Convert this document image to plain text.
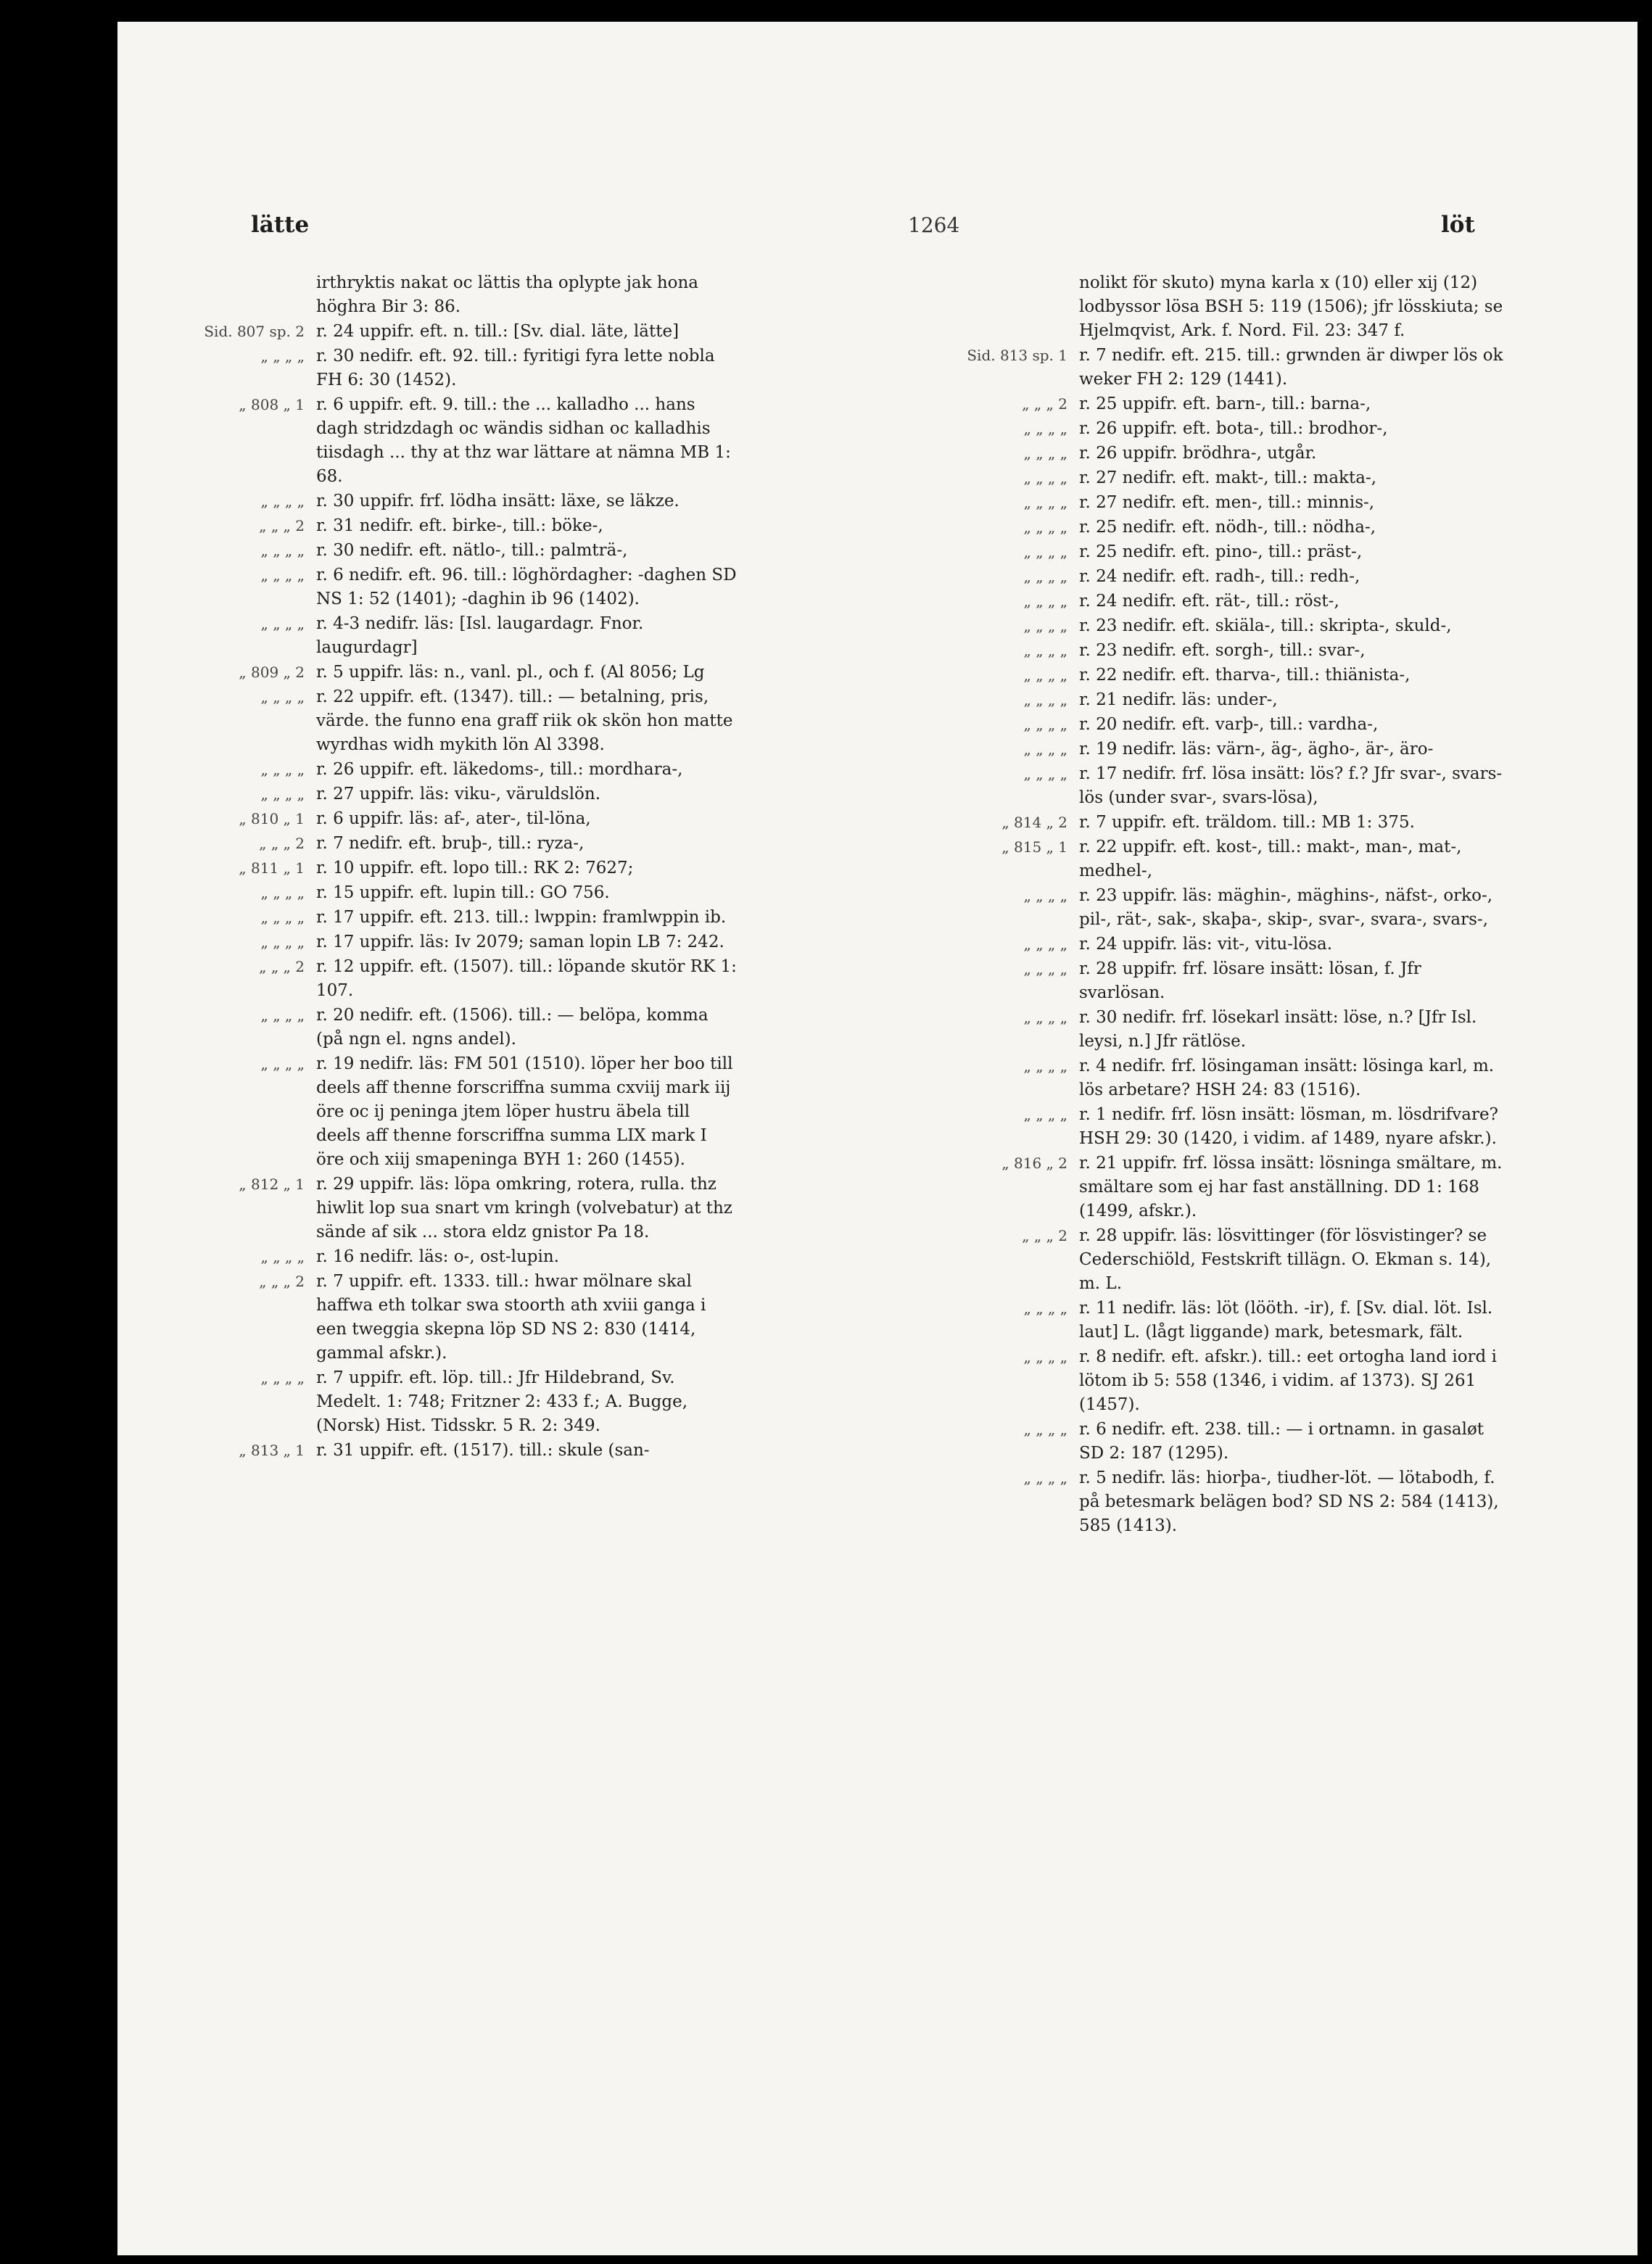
lätte	1264	löt
irthryktis nakat oc lättis tha oplypte jak hona höghra Bir 3: 86.
Sid. 807 sp. 2 r. 24 uppifr. eft. n. till.: [Sv. dial. läte, lätte]
„ „ „ „ r. 30 nedifr. eft. 92. till.: fyritigi fyra lette nobla FH 6: 30 (1452).
„ 808 „ 1 r. 6 uppifr. eft. 9. till.: the ... kalladho ... hans dagh stridzdagh oc wändis sidhan oc kalladhis tiisdagh ... thy at thz war lättare at nämna MB 1: 68.
„ „ „ „ r. 30 uppifr. frf. lödha insätt: läxe, se läkze.
„ „ „ 2 r. 31 nedifr. eft. birke-, till.: böke-,
„ „ „ „ r. 30 nedifr. eft. nätlo-, till.: palmträ-,
„ „ „ „ r. 6 nedifr. eft. 96. till.: löghördagher: -daghen SD NS 1: 52 (1401); -daghin ib 96 (1402).
„ „ „ „ r. 4-3 nedifr. läs: [Isl. laugardagr. Fnor. laugurdagr]
„ 809 „ 2 r. 5 uppifr. läs: n., vanl. pl., och f. (Al 8056; Lg
„ „ „ „ r. 22 uppifr. eft. (1347). till.: — betalning, pris, värde. the funno ena graff riik ok skön hon matte wyrdhas widh mykith lön Al 3398.
„ „ „ „ r. 26 uppifr. eft. läkedoms-, till.: mordhara-,
„ „ „ „ r. 27 uppifr. läs: viku-, väruldslön.
„ 810 „ 1 r. 6 uppifr. läs: af-, ater-, til-löna,
„ „ „ 2 r. 7 nedifr. eft. bruþ-, till.: ryza-,
„ 811 „ 1 r. 10 uppifr. eft. lopo till.: RK 2: 7627;
„ „ „ „ r. 15 uppifr. eft. lupin till.: GO 756.
„ „ „ „ r. 17 uppifr. eft. 213. till.: lwppin: framlwppin ib.
„ „ „ „ r. 17 uppifr. läs: Iv 2079; saman lopin LB 7: 242.
„ „ „ 2 r. 12 uppifr. eft. (1507). till.: löpande skutör RK 1: 107.
„ „ „ „ r. 20 nedifr. eft. (1506). till.: — belöpa, komma (på ngn el. ngns andel).
„ „ „ „ r. 19 nedifr. läs: FM 501 (1510). löper her boo till deels aff thenne forscriffna summa cxviij mark iij öre oc ij peninga jtem löper hustru äbela till deels aff thenne forscriffna summa LIX mark I öre och xiij smapeninga BYH 1: 260 (1455).
„ 812 „ 1 r. 29 uppifr. läs: löpa omkring, rotera, rulla. thz hiwlit lop sua snart vm kringh (volvebatur) at thz sände af sik ... stora eldz gnistor Pa 18.
„ „ „ „ r. 16 nedifr. läs: o-, ost-lupin.
„ „ „ 2 r. 7 uppifr. eft. 1333. till.: hwar mölnare skal haffwa eth tolkar swa stoorth ath xviii ganga i een tweggia skepna löp SD NS 2: 830 (1414, gammal afskr.).
„ „ „ „ r. 7 uppifr. eft. löp. till.: Jfr Hildebrand, Sv. Medelt. 1: 748; Fritzner 2: 433 f.; A. Bugge, (Norsk) Hist. Tidsskr. 5 R. 2: 349.
„ 813 „ 1 r. 31 uppifr. eft. (1517). till.: skule (san-
nolikt för skuto) myna karla x (10) eller xij (12) lodbyssor lösa BSH 5: 119 (1506); jfr lösskiuta; se Hjelmqvist, Ark. f. Nord. Fil. 23: 347 f.
Sid. 813 sp. 1 r. 7 nedifr. eft. 215. till.: grwnden är diwper lös ok weker FH 2: 129 (1441).
„ „ „ 2 r. 25 uppifr. eft. barn-, till.: barna-,
„ „ „ „ r. 26 uppifr. eft. bota-, till.: brodhor-,
„ „ „ „ r. 26 uppifr. brödhra-, utgår.
„ „ „ „ r. 27 nedifr. eft. makt-, till.: makta-,
„ „ „ „ r. 27 nedifr. eft. men-, till.: minnis-,
„ „ „ „ r. 25 nedifr. eft. nödh-, till.: nödha-,
„ „ „ „ r. 25 nedifr. eft. pino-, till.: präst-,
„ „ „ „ r. 24 nedifr. eft. radh-, till.: redh-,
„ „ „ „ r. 24 nedifr. eft. rät-, till.: röst-,
„ „ „ „ r. 23 nedifr. eft. skiäla-, till.: skripta-, skuld-,
„ „ „ „ r. 23 nedifr. eft. sorgh-, till.: svar-,
„ „ „ „ r. 22 nedifr. eft. tharva-, till.: thiänista-,
„ „ „ „ r. 21 nedifr. läs: under-,
„ „ „ „ r. 20 nedifr. eft. varþ-, till.: vardha-,
„ „ „ „ r. 19 nedifr. läs: värn-, äg-, ägho-, är-, äro-
„ „ „ „ r. 17 nedifr. frf. lösa insätt: lös? f.? Jfr svar-, svars-lös (under svar-, svars-lösa),
„ 814 „ 2 r. 7 uppifr. eft. träldom. till.: MB 1: 375.
„ 815 „ 1 r. 22 uppifr. eft. kost-, till.: makt-, man-, mat-, medhel-,
„ „ „ „ r. 23 uppifr. läs: mäghin-, mäghins-, näfst-, orko-, pil-, rät-, sak-, skaþa-, skip-, svar-, svara-, svars-,
„ „ „ „ r. 24 uppifr. läs: vit-, vitu-lösa.
„ „ „ „ r. 28 uppifr. frf. lösare insätt: lösan, f. Jfr svarlösan.
„ „ „ „ r. 30 nedifr. frf. lösekarl insätt: löse, n.? [Jfr Isl. leysi, n.] Jfr rätlöse.
„ „ „ „ r. 4 nedifr. frf. lösingaman insätt: lösinga karl, m. lös arbetare? HSH 24: 83 (1516).
„ „ „ „ r. 1 nedifr. frf. lösn insätt: lösman, m. lösdrifvare? HSH 29: 30 (1420, i vidim. af 1489, nyare afskr.).
„ 816 „ 2 r. 21 uppifr. frf. lössa insätt: lösninga smältare, m. smältare som ej har fast anställning. DD 1: 168 (1499, afskr.).
„ „ „ 2 r. 28 uppifr. läs: lösvittinger (för lösvistinger? se Cederschiöld, Festskrift tillägn. O. Ekman s. 14), m. L.
„ „ „ „ r. 11 nedifr. läs: löt (lööth. -ir), f. [Sv. dial. löt. Isl. laut] L. (lågt liggande) mark, betesmark, fält.
„ „ „ „ r. 8 nedifr. eft. afskr.). till.: eet ortogha land iord i lötom ib 5: 558 (1346, i vidim. af 1373). SJ 261 (1457).
„ „ „ „ r. 6 nedifr. eft. 238. till.: — i ortnamn. in gasaløt SD 2: 187 (1295).
„ „ „ „ r. 5 nedifr. läs: hiorþa-, tiudher-löt. — lötabodh, f. på betesmark belägen bod? SD NS 2: 584 (1413), 585 (1413).
